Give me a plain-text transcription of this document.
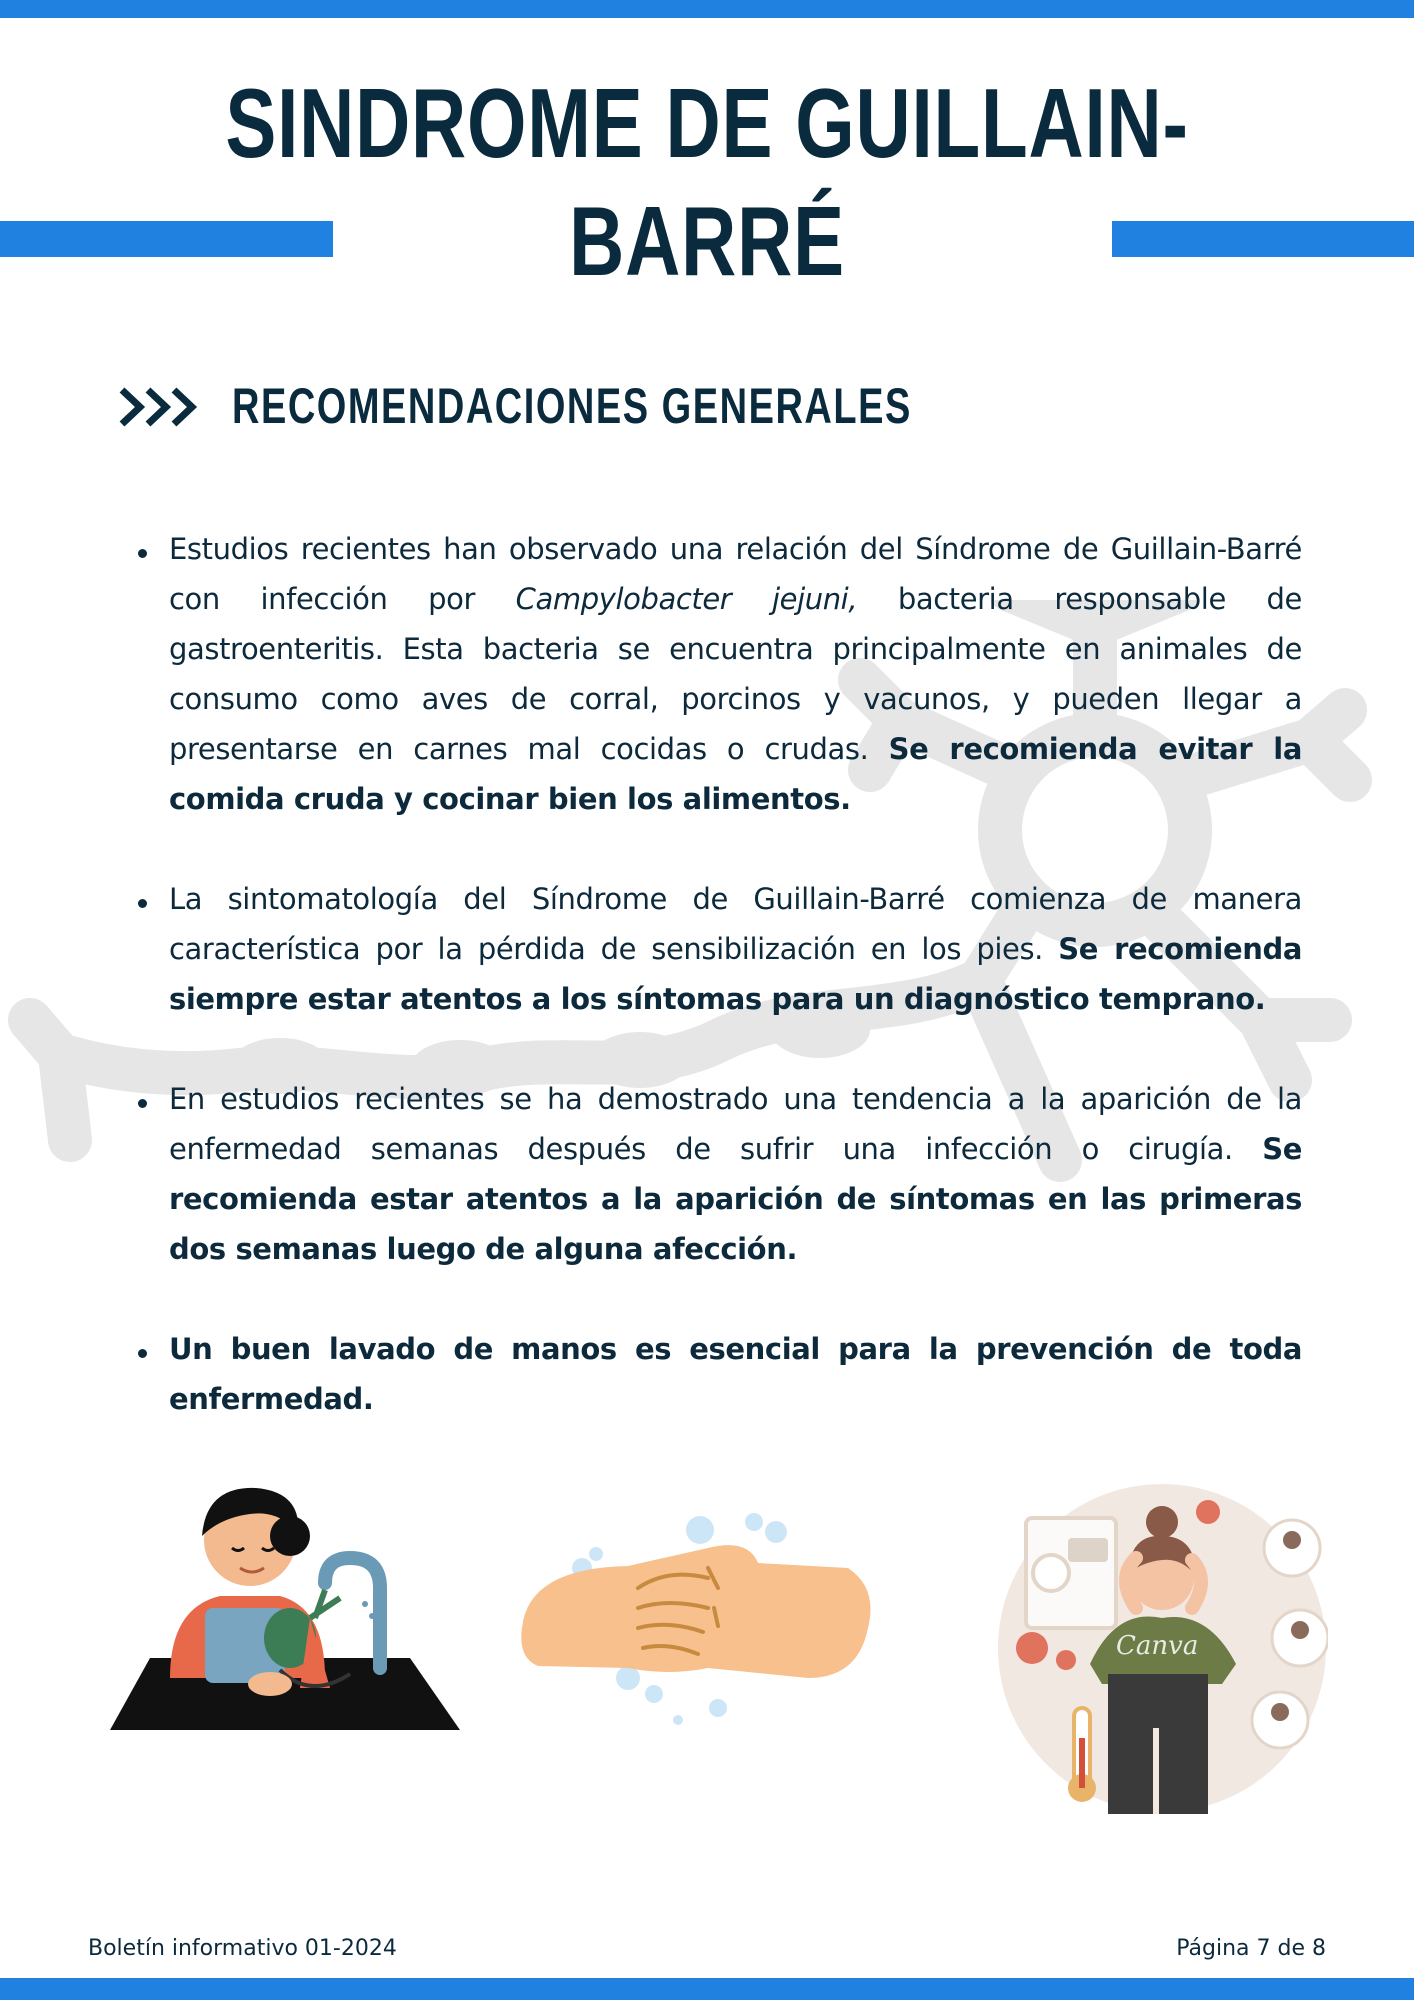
SINDROME DE GUILLAIN-BARRÉ
RECOMENDACIONES GENERALES

Estudios recientes han observado una relación del Síndrome de Guillain-Barré con infección por Campylobacter jejuni, bacteria responsable de gastroenteritis. Esta bacteria se encuentra principalmente en animales de consumo como aves de corral, porcinos y vacunos, y pueden llegar a presentarse en carnes mal cocidas o crudas. Se recomienda evitar la comida cruda y cocinar bien los alimentos.

La sintomatología del Síndrome de Guillain-Barré comienza de manera característica por la pérdida de sensibilización en los pies. Se recomienda siempre estar atentos a los síntomas para un diagnóstico temprano.

En estudios recientes se ha demostrado una tendencia a la aparición de la enfermedad semanas después de sufrir una infección o cirugía. Se recomienda estar atentos a la aparición de síntomas en las primeras dos semanas luego de alguna afección.

Un buen lavado de manos es esencial para la prevención de toda enfermedad.

Canva
Boletín informativo 01-2024	Página 7 de 8
